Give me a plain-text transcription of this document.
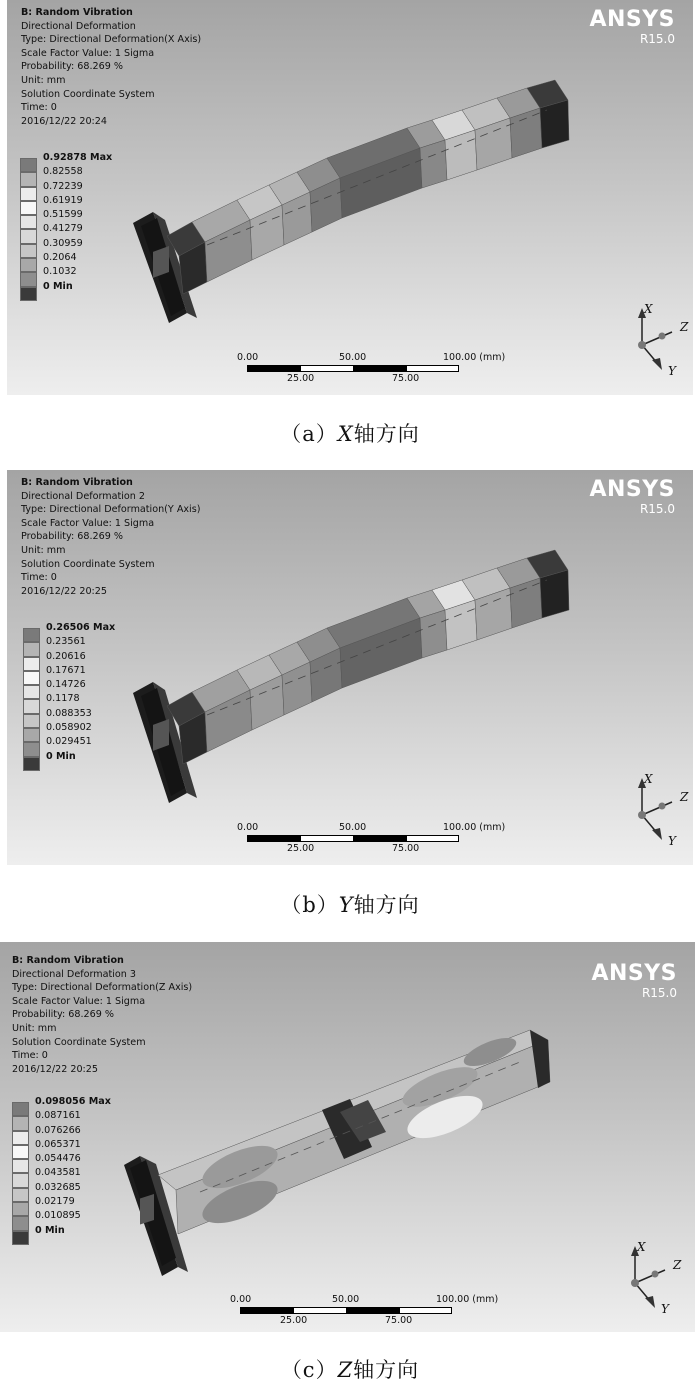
B: Random Vibration
Directional Deformation
Type: Directional Deformation(X Axis)
Scale Factor Value: 1 Sigma
Probability: 68.269 %
Unit: mm
Solution Coordinate System
Time: 0
2016/12/22 20:24
ANSYS
R15.0
0.92878 Max
0.82558
0.72239
0.61919
0.51599
0.41279
0.30959
0.2064
0.1032
0 Min
0.00	50.00	100.00 (mm)
25.00	75.00
X
Z
Y
（a）X轴方向
B: Random Vibration
Directional Deformation 2
Type: Directional Deformation(Y Axis)
Scale Factor Value: 1 Sigma
Probability: 68.269 %
Unit: mm
Solution Coordinate System
Time: 0
2016/12/22 20:25
ANSYS
R15.0
0.26506 Max
0.23561
0.20616
0.17671
0.14726
0.1178
0.088353
0.058902
0.029451
0 Min
0.00	50.00	100.00 (mm)
25.00	75.00
X
Z
Y
（b）Y轴方向
B: Random Vibration
Directional Deformation 3
Type: Directional Deformation(Z Axis)
Scale Factor Value: 1 Sigma
Probability: 68.269 %
Unit: mm
Solution Coordinate System
Time: 0
2016/12/22 20:25
ANSYS
R15.0
0.098056 Max
0.087161
0.076266
0.065371
0.054476
0.043581
0.032685
0.02179
0.010895
0 Min
0.00	50.00	100.00 (mm)
25.00	75.00
X
Z
Y
（c）Z轴方向
